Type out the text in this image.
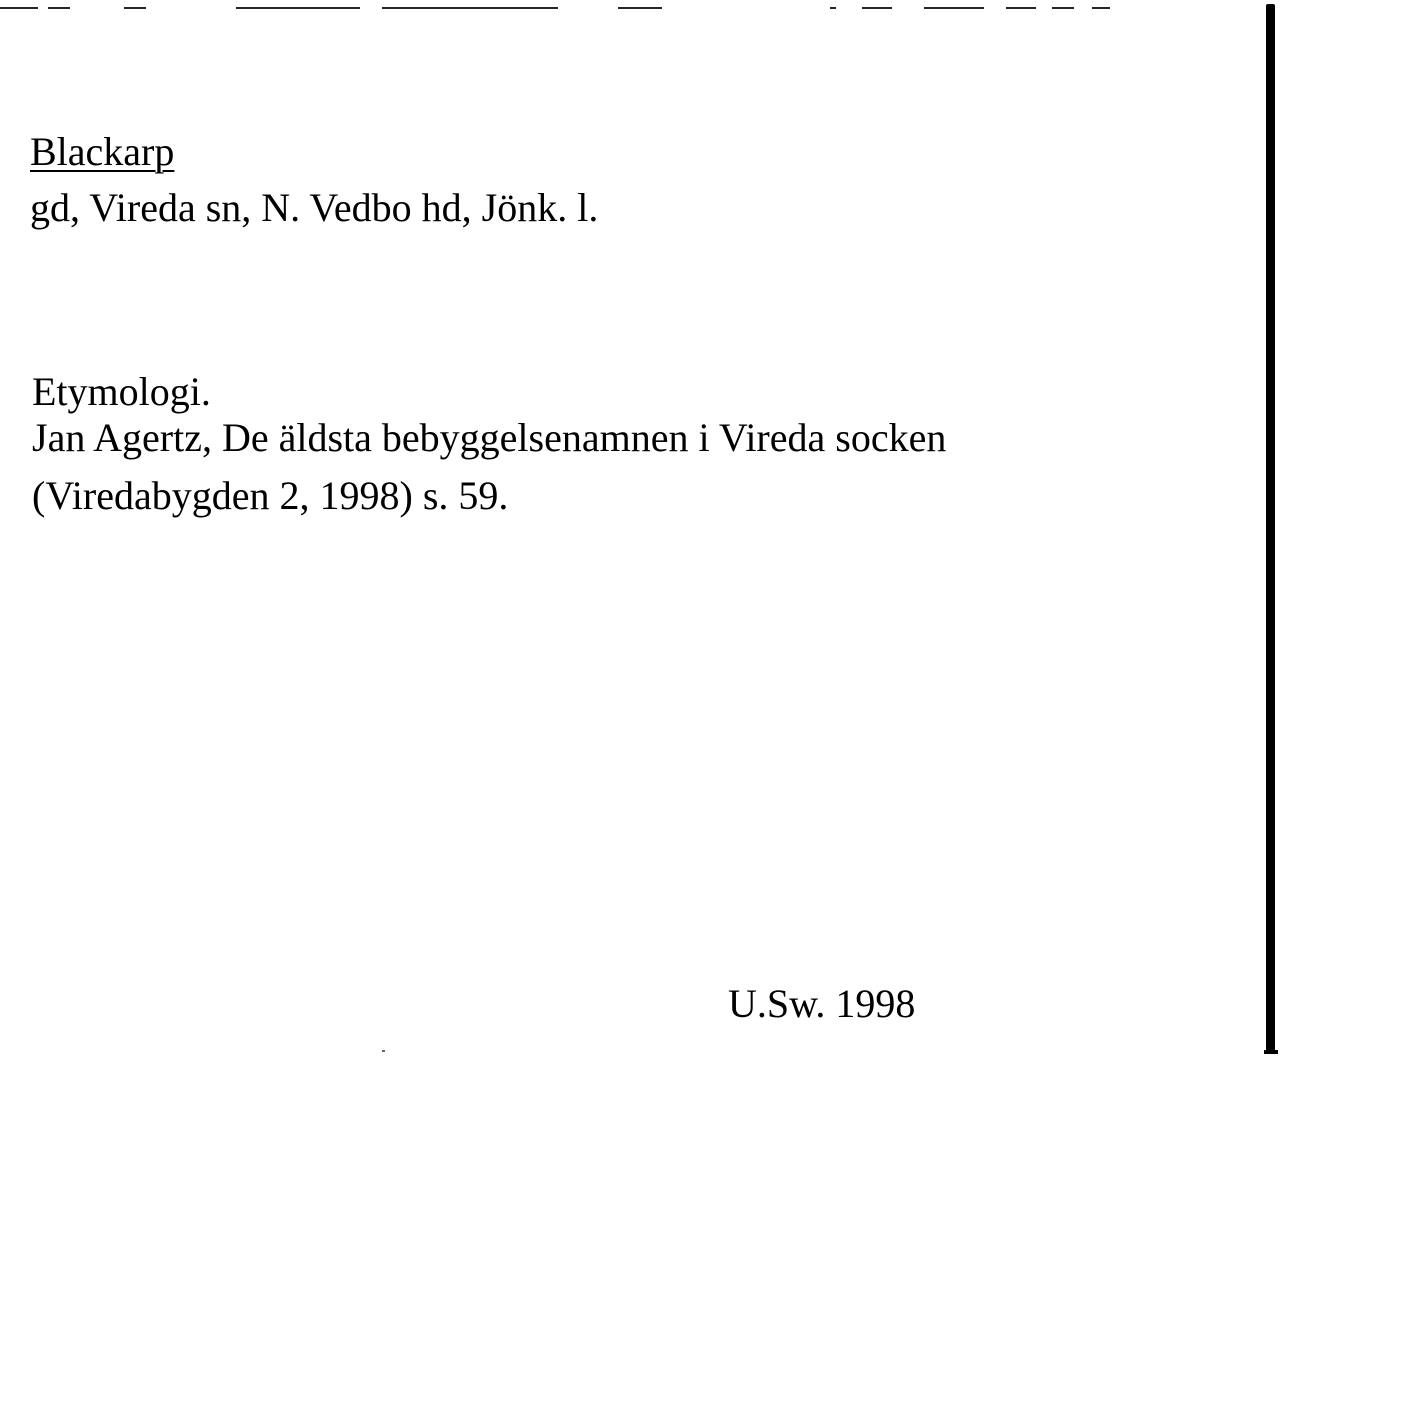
Blackarp
gd, Vireda sn, N. Vedbo hd, Jönk. l.
Etymologi.
Jan Agertz, De äldsta bebyggelsenamnen i Vireda socken
(Viredabygden 2, 1998) s. 59.
U.Sw. 1998
